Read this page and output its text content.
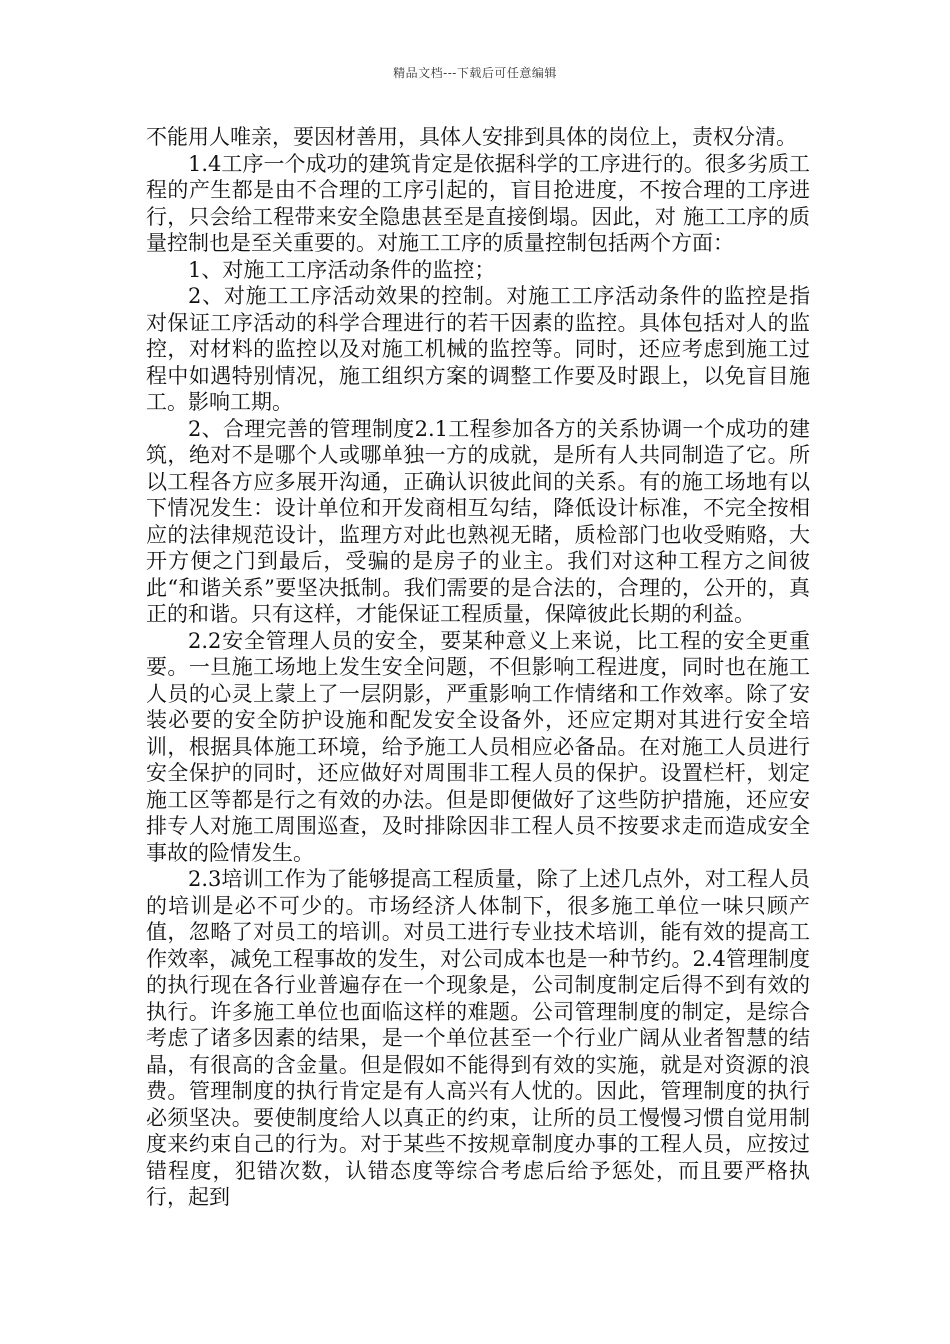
精品文档---下载后可任意编辑

不能用人唯亲，要因材善用，具体人安排到具体的岗位上，责权分清。

1.4工序一个成功的建筑肯定是依据科学的工序进行的。很多劣质工程的产生都是由不合理的工序引起的，盲目抢进度，不按合理的工序进行，只会给工程带来安全隐患甚至是直接倒塌。因此，对 施工工序的质量控制也是至关重要的。对施工工序的质量控制包括两个方面：

1、对施工工序活动条件的监控；

2、对施工工序活动效果的控制。对施工工序活动条件的监控是指对保证工序活动的科学合理进行的若干因素的监控。具体包括对人的监控，对材料的监控以及对施工机械的监控等。同时，还应考虑到施工过程中如遇特别情况，施工组织方案的调整工作要及时跟上，以免盲目施工。影响工期。

2、合理完善的管理制度2.1工程参加各方的关系协调一个成功的建筑，绝对不是哪个人或哪单独一方的成就，是所有人共同制造了它。所以工程各方应多展开沟通，正确认识彼此间的关系。有的施工场地有以下情况发生：设计单位和开发商相互勾结，降低设计标准，不完全按相应的法律规范设计，监理方对此也熟视无睹，质检部门也收受贿赂，大开方便之门到最后，受骗的是房子的业主。我们对这种工程方之间彼此“和谐关系”要坚决抵制。我们需要的是合法的，合理的，公开的，真正的和谐。只有这样，才能保证工程质量，保障彼此长期的利益。

2.2安全管理人员的安全，要某种意义上来说，比工程的安全更重要。一旦施工场地上发生安全问题，不但影响工程进度，同时也在施工人员的心灵上蒙上了一层阴影，严重影响工作情绪和工作效率。除了安装必要的安全防护设施和配发安全设备外，还应定期对其进行安全培训，根据具体施工环境，给予施工人员相应必备品。在对施工人员进行安全保护的同时，还应做好对周围非工程人员的保护。设置栏杆，划定施工区等都是行之有效的办法。但是即便做好了这些防护措施，还应安排专人对施工周围巡查，及时排除因非工程人员不按要求走而造成安全事故的险情发生。

2.3培训工作为了能够提高工程质量，除了上述几点外，对工程人员的培训是必不可少的。市场经济人体制下，很多施工单位一味只顾产值，忽略了对员工的培训。对员工进行专业技术培训，能有效的提高工作效率，减免工程事故的发生，对公司成本也是一种节约。2.4管理制度的执行现在各行业普遍存在一个现象是，公司制度制定后得不到有效的执行。许多施工单位也面临这样的难题。公司管理制度的制定，是综合考虑了诸多因素的结果，是一个单位甚至一个行业广阔从业者智慧的结晶，有很高的含金量。但是假如不能得到有效的实施，就是对资源的浪费。管理制度的执行肯定是有人高兴有人忧的。因此，管理制度的执行必须坚决。要使制度给人以真正的约束，让所的员工慢慢习惯自觉用制度来约束自己的行为。对于某些不按规章制度办事的工程人员，应按过错程度，犯错次数，认错态度等综合考虑后给予惩处，而且要严格执行，起到
